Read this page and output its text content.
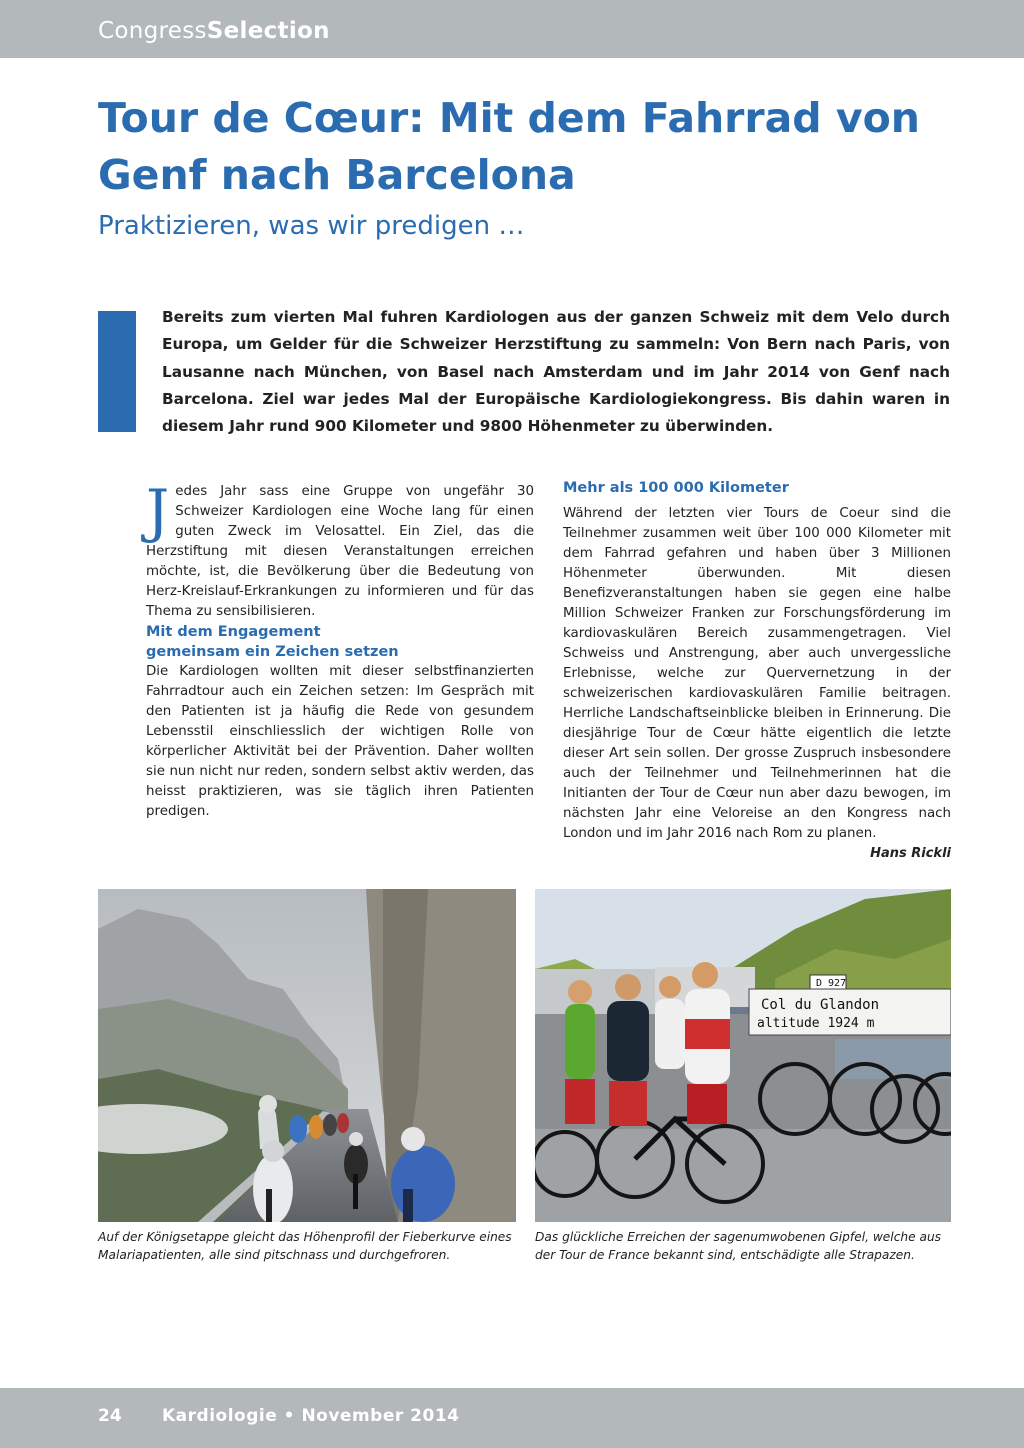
CongressSelection
Tour de Cœur: Mit dem Fahrrad von Genf nach Barcelona
Praktizieren, was wir predigen …

Bereits zum vierten Mal fuhren Kardiologen aus der ganzen Schweiz mit dem Velo durch Europa, um Gelder für die Schweizer Herzstiftung zu sammeln: Von Bern nach Paris, von Lausanne nach München, von Basel nach Amsterdam und im Jahr 2014 von Genf nach Barcelona. Ziel war jedes Mal der Europäische Kardiologiekongress. Bis dahin waren in diesem Jahr rund 900 Kilometer und 9800 Höhenmeter zu überwinden.

Jedes Jahr sass eine Gruppe von ungefähr 30 Schweizer Kardiologen eine Woche lang für einen guten Zweck im Velosattel. Ein Ziel, das die Herzstiftung mit diesen Veranstaltungen erreichen möchte, ist, die Bevölkerung über die Bedeutung von Herz-Kreislauf-Erkrankungen zu informieren und für das Thema zu sensibilisieren.

Mit dem Engagement
gemeinsam ein Zeichen setzen

Die Kardiologen wollten mit dieser selbstfinanzierten Fahrradtour auch ein Zeichen setzen: Im Gespräch mit den Patienten ist ja häufig die Rede von gesundem Lebensstil einschliesslich der wichtigen Rolle von körperlicher Aktivität bei der Prävention. Daher wollten sie nun nicht nur reden, sondern selbst aktiv werden, das heisst praktizieren, was sie täglich ihren Patienten predigen.

Mehr als 100 000 Kilometer

Während der letzten vier Tours de Coeur sind die Teilnehmer zusammen weit über 100 000 Kilometer mit dem Fahrrad gefahren und haben über 3 Millionen Höhenmeter überwunden. Mit diesen Benefizveranstaltungen haben sie gegen eine halbe Million Schweizer Franken zur Forschungsförderung im kardiovaskulären Bereich zusammengetragen. Viel Schweiss und Anstrengung, aber auch unvergessliche Erlebnisse, welche zur Quervernetzung in der schweizerischen kardiovaskulären Familie beitragen. Herrliche Landschaftseinblicke bleiben in Erinnerung. Die diesjährige Tour de Cœur hätte eigentlich die letzte dieser Art sein sollen. Der grosse Zuspruch insbesondere auch der Teilnehmer und Teilnehmerinnen hat die Initianten der Tour de Cœur nun aber dazu bewogen, im nächsten Jahr eine Veloreise an den Kongress nach London und im Jahr 2016 nach Rom zu planen.

Hans Rickli

D 927
Col du Glandon
altitude 1924 m
Auf der Königsetappe gleicht das Höhenprofil der Fieberkurve eines Malariapatienten, alle sind pitschnass und durchgefroren.
Das glückliche Erreichen der sagenumwobenen Gipfel, welche aus der Tour de France bekannt sind, entschädigte alle Strapazen.
24 Kardiologie • November 2014
